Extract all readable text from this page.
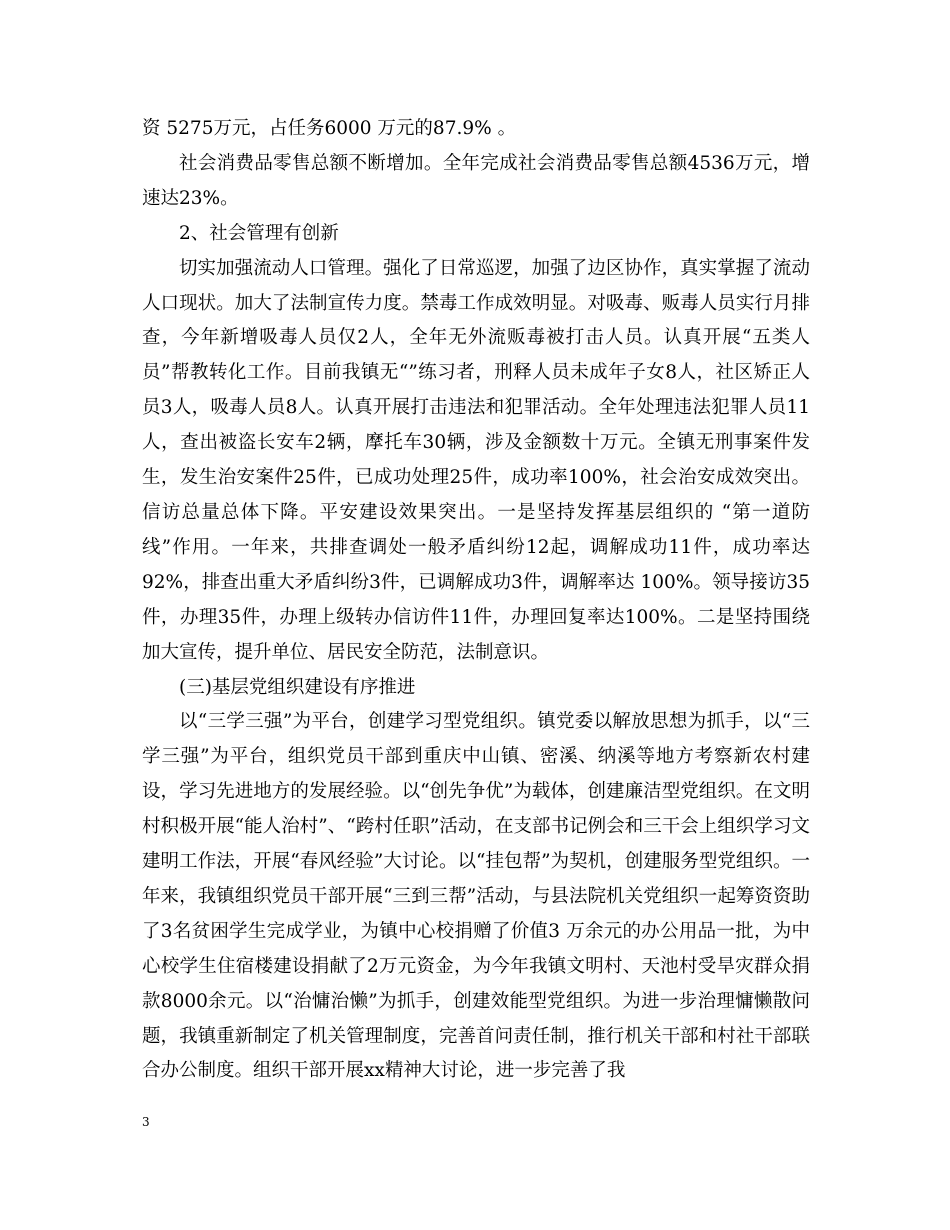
资 5275万元，占任务6000 万元的87.9% 。

社会消费品零售总额不断增加。全年完成社会消费品零售总额4536万元，增速达23%。

2、社会管理有创新

切实加强流动人口管理。强化了日常巡逻，加强了边区协作，真实掌握了流动人口现状。加大了法制宣传力度。禁毒工作成效明显。对吸毒、贩毒人员实行月排查，今年新增吸毒人员仅2人，全年无外流贩毒被打击人员。认真开展“五类人员”帮教转化工作。目前我镇无“”练习者，刑释人员未成年子女8人，社区矫正人员3人，吸毒人员8人。认真开展打击违法和犯罪活动。全年处理违法犯罪人员11人，查出被盗长安车2辆，摩托车30辆，涉及金额数十万元。全镇无刑事案件发生，发生治安案件25件，已成功处理25件，成功率100%，社会治安成效突出。信访总量总体下降。平安建设效果突出。一是坚持发挥基层组织的 “第一道防线”作用。一年来，共排查调处一般矛盾纠纷12起，调解成功11件，成功率达92%，排查出重大矛盾纠纷3件，已调解成功3件，调解率达 100%。领导接访35件，办理35件，办理上级转办信访件11件，办理回复率达100%。二是坚持围绕加大宣传，提升单位、居民安全防范，法制意识。

(三)基层党组织建设有序推进

以“三学三强”为平台，创建学习型党组织。镇党委以解放思想为抓手，以“三学三强”为平台，组织党员干部到重庆中山镇、密溪、纳溪等地方考察新农村建设，学习先进地方的发展经验。以“创先争优”为载体，创建廉洁型党组织。在文明村积极开展“能人治村”、“跨村任职”活动，在支部书记例会和三干会上组织学习文建明工作法，开展“春风经验”大讨论。以“挂包帮”为契机，创建服务型党组织。一年来，我镇组织党员干部开展“三到三帮”活动，与县法院机关党组织一起筹资资助了3名贫困学生完成学业，为镇中心校捐赠了价值3 万余元的办公用品一批，为中心校学生住宿楼建设捐献了2万元资金，为今年我镇文明村、天池村受旱灾群众捐款8000余元。以“治慵治懒”为抓手，创建效能型党组织。为进一步治理慵懒散问题，我镇重新制定了机关管理制度，完善首问责任制，推行机关干部和村社干部联合办公制度。组织干部开展xx精神大讨论，进一步完善了我

3
